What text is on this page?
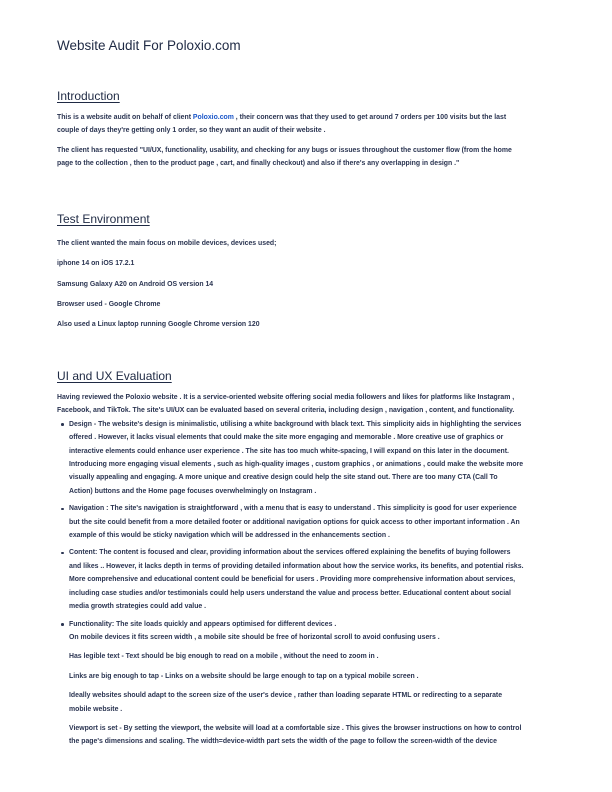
Website Audit For Poloxio.com
Introduction
This is a website audit on behalf of client Poloxio.com , their concern was that they used to get around 7 orders per 100 visits but the last
couple of days they're getting only 1 order, so they want an audit of their website .
The client has requested "UI/UX, functionality, usability, and checking for any bugs or issues throughout the customer flow (from the home
page to the collection , then to the product page , cart, and finally checkout) and also if there's any overlapping in design ."
Test Environment
The client wanted the main focus on mobile devices, devices used;
iphone 14 on iOS 17.2.1
Samsung Galaxy A20 on Android OS version 14
Browser used - Google Chrome
Also used a Linux laptop running Google Chrome version 120
UI and UX Evaluation
Having reviewed the Poloxio website . It is a service-oriented website offering social media followers and likes for platforms like Instagram ,
Facebook, and TikTok. The site's UI/UX can be evaluated based on several criteria, including design , navigation , content, and functionality.
Design - The website's design is minimalistic, utilising a white background with black text. This simplicity aids in highlighting the services
offered . However, it lacks visual elements that could make the site more engaging and memorable . More creative use of graphics or
interactive elements could enhance user experience . The site has too much white-spacing, I will expand on this later in the document.
Introducing more engaging visual elements , such as high-quality images , custom graphics , or animations , could make the website more
visually appealing and engaging. A more unique and creative design could help the site stand out. There are too many CTA (Call To
Action) buttons and the Home page focuses overwhelmingly on Instagram .
Navigation : The site's navigation is straightforward , with a menu that is easy to understand . This simplicity is good for user experience
but the site could benefit from a more detailed footer or additional navigation options for quick access to other important information . An
example of this would be sticky navigation which will be addressed in the enhancements section .
Content: The content is focused and clear, providing information about the services offered explaining the benefits of buying followers
and likes .. However, it lacks depth in terms of providing detailed information about how the service works, its benefits, and potential risks.
More comprehensive and educational content could be beneficial for users . Providing more comprehensive information about services,
including case studies and/or testimonials could help users understand the value and process better. Educational content about social
media growth strategies could add value .
Functionality: The site loads quickly and appears optimised for different devices .
On mobile devices it fits screen width , a mobile site should be free of horizontal scroll to avoid confusing users .
Has legible text - Text should be big enough to read on a mobile , without the need to zoom in .
Links are big enough to tap - Links on a website should be large enough to tap on a typical mobile screen .
Ideally websites should adapt to the screen size of the user's device , rather than loading separate HTML or redirecting to a separate
mobile website .
Viewport is set - By setting the viewport, the website will load at a comfortable size . This gives the browser instructions on how to control
the page's dimensions and scaling. The width=device-width part sets the width of the page to follow the screen-width of the device
